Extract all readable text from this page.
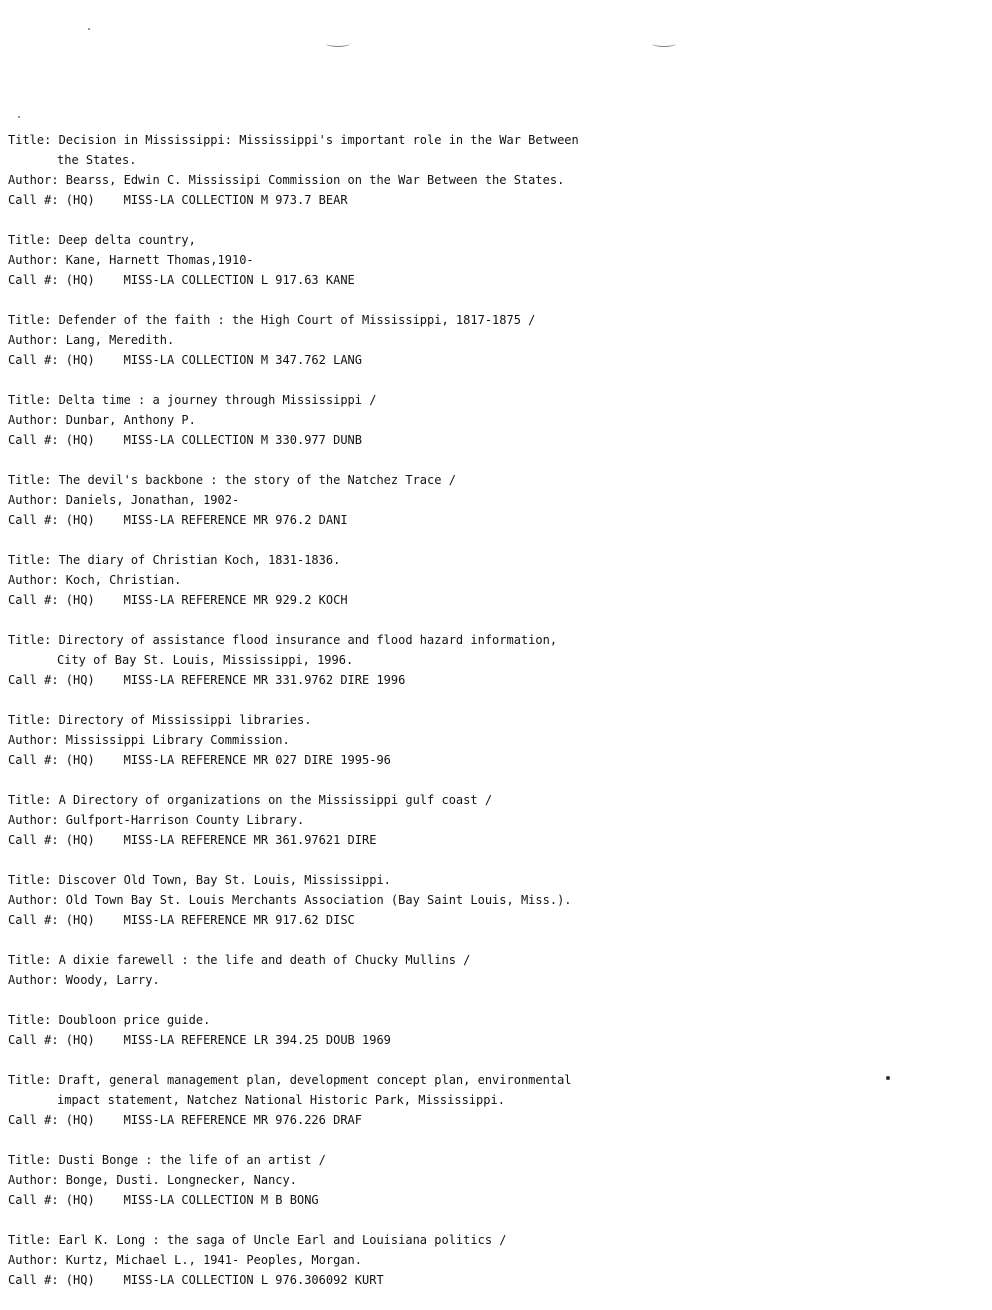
Title: Decision in Mississippi: Mississippi's important role in the War Between
the States.
Author: Bearss, Edwin C. Mississipi Commission on the War Between the States.
Call #: (HQ)    MISS-LA COLLECTION M 973.7 BEAR
Title: Deep delta country,
Author: Kane, Harnett Thomas,1910-
Call #: (HQ)    MISS-LA COLLECTION L 917.63 KANE
Title: Defender of the faith : the High Court of Mississippi, 1817-1875 /
Author: Lang, Meredith.
Call #: (HQ)    MISS-LA COLLECTION M 347.762 LANG
Title: Delta time : a journey through Mississippi /
Author: Dunbar, Anthony P.
Call #: (HQ)    MISS-LA COLLECTION M 330.977 DUNB
Title: The devil's backbone : the story of the Natchez Trace /
Author: Daniels, Jonathan, 1902-
Call #: (HQ)    MISS-LA REFERENCE MR 976.2 DANI
Title: The diary of Christian Koch, 1831-1836.
Author: Koch, Christian.
Call #: (HQ)    MISS-LA REFERENCE MR 929.2 KOCH
Title: Directory of assistance flood insurance and flood hazard information,
City of Bay St. Louis, Mississippi, 1996.
Call #: (HQ)    MISS-LA REFERENCE MR 331.9762 DIRE 1996
Title: Directory of Mississippi libraries.
Author: Mississippi Library Commission.
Call #: (HQ)    MISS-LA REFERENCE MR 027 DIRE 1995-96
Title: A Directory of organizations on the Mississippi gulf coast /
Author: Gulfport-Harrison County Library.
Call #: (HQ)    MISS-LA REFERENCE MR 361.97621 DIRE
Title: Discover Old Town, Bay St. Louis, Mississippi.
Author: Old Town Bay St. Louis Merchants Association (Bay Saint Louis, Miss.).
Call #: (HQ)    MISS-LA REFERENCE MR 917.62 DISC
Title: A dixie farewell : the life and death of Chucky Mullins /
Author: Woody, Larry.
Title: Doubloon price guide.
Call #: (HQ)    MISS-LA REFERENCE LR 394.25 DOUB 1969
Title: Draft, general management plan, development concept plan, environmental
impact statement, Natchez National Historic Park, Mississippi.
Call #: (HQ)    MISS-LA REFERENCE MR 976.226 DRAF
Title: Dusti Bonge : the life of an artist /
Author: Bonge, Dusti. Longnecker, Nancy.
Call #: (HQ)    MISS-LA COLLECTION M B BONG
Title: Earl K. Long : the saga of Uncle Earl and Louisiana politics /
Author: Kurtz, Michael L., 1941- Peoples, Morgan.
Call #: (HQ)    MISS-LA COLLECTION L 976.306092 KURT
